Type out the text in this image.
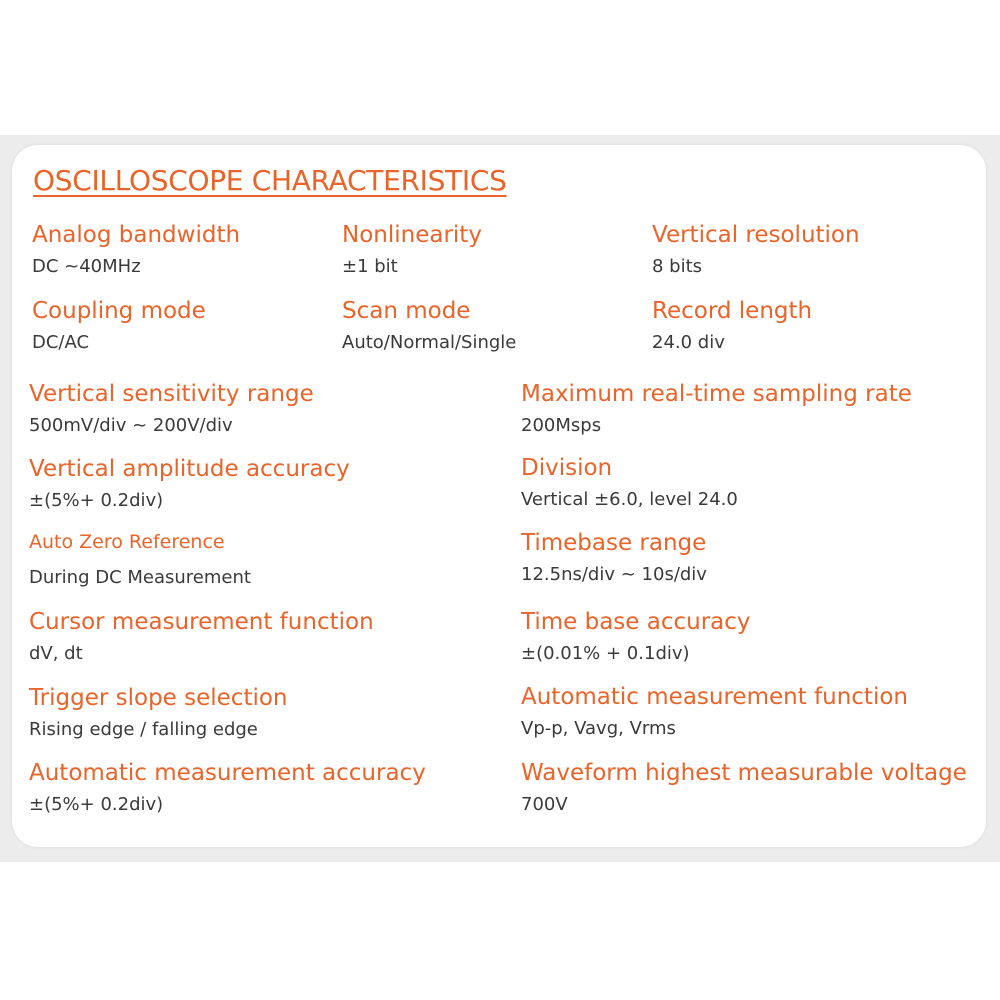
OSCILLOSCOPE CHARACTERISTICS
Analog bandwidth
DC ~40MHz
Nonlinearity
±1 bit
Vertical resolution
8 bits
Coupling mode
DC/AC
Scan mode
Auto/Normal/Single
Record length
24.0 div
Vertical sensitivity range
500mV/div ~ 200V/div
Vertical amplitude accuracy
±(5%+ 0.2div)
Auto Zero Reference
During DC Measurement
Cursor measurement function
dV, dt
Trigger slope selection
Rising edge / falling edge
Automatic measurement accuracy
±(5%+ 0.2div)
Maximum real-time sampling rate
200Msps
Division
Vertical ±6.0, level 24.0
Timebase range
12.5ns/div ~ 10s/div
Time base accuracy
±(0.01% + 0.1div)
Automatic measurement function
Vp-p, Vavg, Vrms
Waveform highest measurable voltage
700V
